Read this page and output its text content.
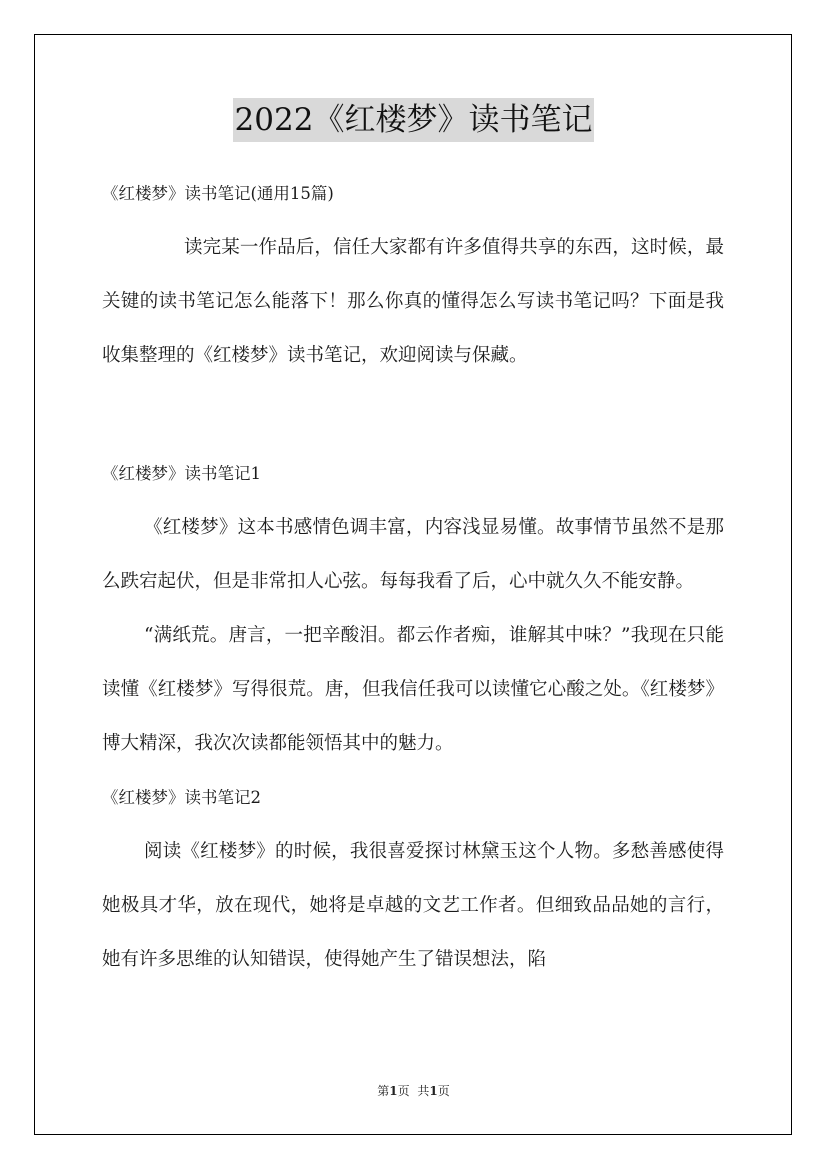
2022《红楼梦》读书笔记

《红楼梦》读书笔记(通用15篇)

读完某一作品后，信任大家都有许多值得共享的东西，这时候，最关键的读书笔记怎么能落下！那么你真的懂得怎么写读书笔记吗？下面是我收集整理的《红楼梦》读书笔记，欢迎阅读与保藏。

《红楼梦》读书笔记1

《红楼梦》这本书感情色调丰富，内容浅显易懂。故事情节虽然不是那么跌宕起伏，但是非常扣人心弦。每每我看了后，心中就久久不能安静。

“满纸荒。唐言，一把辛酸泪。都云作者痴，谁解其中味？”我现在只能读懂《红楼梦》写得很荒。唐，但我信任我可以读懂它心酸之处。《红楼梦》博大精深，我次次读都能领悟其中的魅力。

《红楼梦》读书笔记2

阅读《红楼梦》的时候，我很喜爱探讨林黛玉这个人物。多愁善感使得她极具才华，放在现代，她将是卓越的文艺工作者。但细致品品她的言行，她有许多思维的认知错误，使得她产生了错误想法，陷

第1页 共1页
